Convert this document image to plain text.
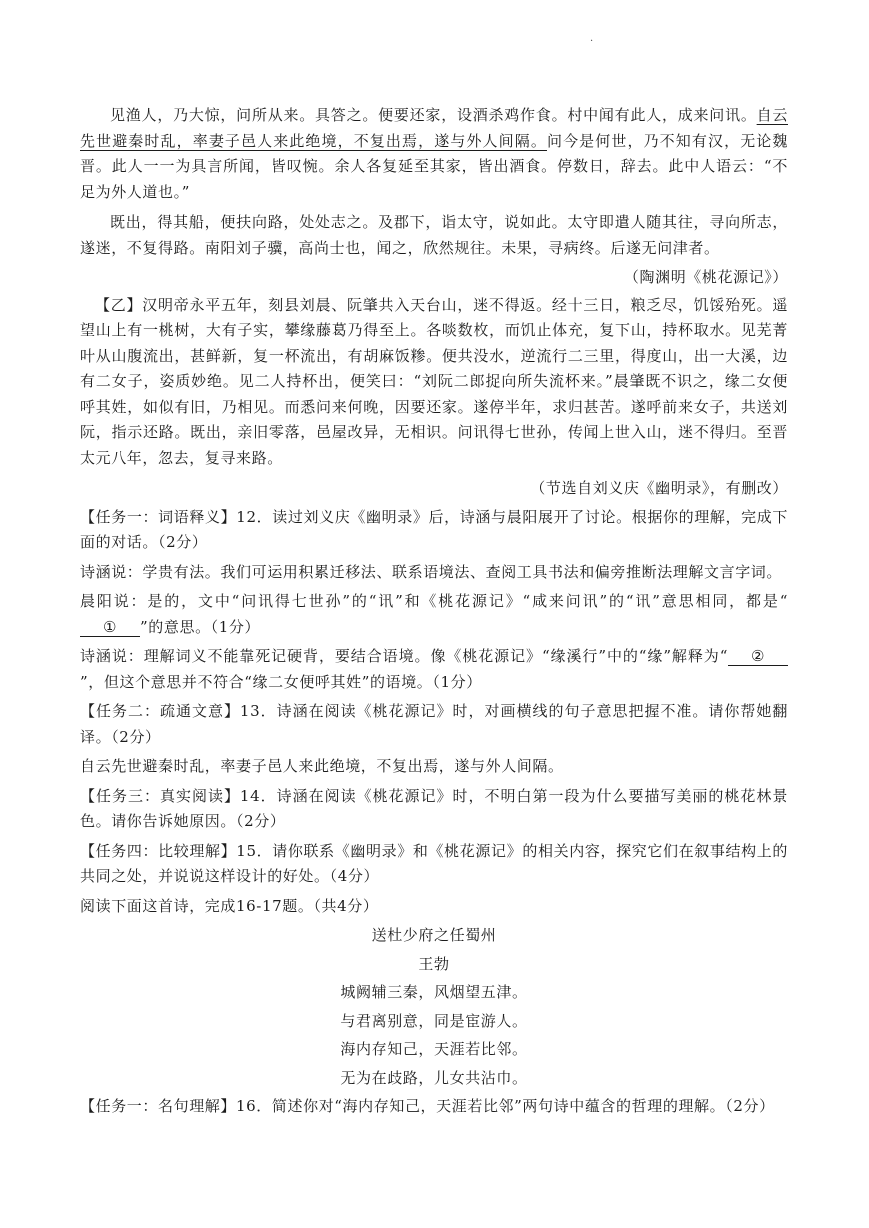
·

见渔人，乃大惊，问所从来。具答之。便要还家，设酒杀鸡作食。村中闻有此人，成来问讯。自云先世避秦时乱，率妻子邑人来此绝境，不复出焉，遂与外人间隔。问今是何世，乃不知有汉，无论魏晋。此人一一为具言所闻，皆叹惋。余人各复延至其家，皆出酒食。停数日，辞去。此中人语云：“不足为外人道也。”

既出，得其船，便扶向路，处处志之。及郡下，诣太守，说如此。太守即遣人随其往，寻向所志，遂迷，不复得路。南阳刘子骥，高尚士也，闻之，欣然规往。未果，寻病终。后遂无问津者。

（陶渊明《桃花源记》）

【乙】汉明帝永平五年，刻县刘晨、阮肇共入天台山，迷不得返。经十三日，粮乏尽，饥馁殆死。遥望山上有一桃树，大有子实，攀缘藤葛乃得至上。各啖数枚，而饥止体充，复下山，持杯取水。见芜菁叶从山腹流出，甚鲜新，复一杯流出，有胡麻饭糁。便共没水，逆流行二三里，得度山，出一大溪，边有二女子，姿质妙绝。见二人持杯出，便笑曰：“刘阮二郎捉向所失流杯来。”晨肇既不识之，缘二女便呼其姓，如似有旧，乃相见。而悉问来何晚，因要还家。遂停半年，求归甚苦。遂呼前来女子，共送刘阮，指示还路。既出，亲旧零落，邑屋改异，无相识。问讯得七世孙，传闻上世入山，迷不得归。至晋太元八年，忽去，复寻来路。

（节选自刘义庆《幽明录》，有删改）

【任务一：词语释义】12．读过刘义庆《幽明录》后，诗涵与晨阳展开了讨论。根据你的理解，完成下面的对话。（2分）

诗涵说：学贵有法。我们可运用积累迁移法、联系语境法、查阅工具书法和偏旁推断法理解文言字词。

晨阳说：是的，文中“问讯得七世孙”的“讯”和《桃花源记》“咸来问讯”的“讯”意思相同，都是“① ”的意思。（1分）

诗涵说：理解词义不能靠死记硬背，要结合语境。像《桃花源记》“缘溪行”中的“缘”解释为“ ②”，但这个意思并不符合“缘二女便呼其姓”的语境。（1分）

【任务二：疏通文意】13．诗涵在阅读《桃花源记》时，对画横线的句子意思把握不准。请你帮她翻译。（2分）

自云先世避秦时乱，率妻子邑人来此绝境，不复出焉，遂与外人间隔。

【任务三：真实阅读】14．诗涵在阅读《桃花源记》时，不明白第一段为什么要描写美丽的桃花林景色。请你告诉她原因。（2分）

【任务四：比较理解】15．请你联系《幽明录》和《桃花源记》的相关内容，探究它们在叙事结构上的共同之处，并说说这样设计的好处。（4分）

阅读下面这首诗，完成16-17题。（共4分）

送杜少府之任蜀州

王勃

城阙辅三秦，风烟望五津。

与君离别意，同是宦游人。

海内存知己，天涯若比邻。

无为在歧路，儿女共沾巾。

【任务一：名句理解】16．简述你对“海内存知己，天涯若比邻”两句诗中蕴含的哲理的理解。（2分）
